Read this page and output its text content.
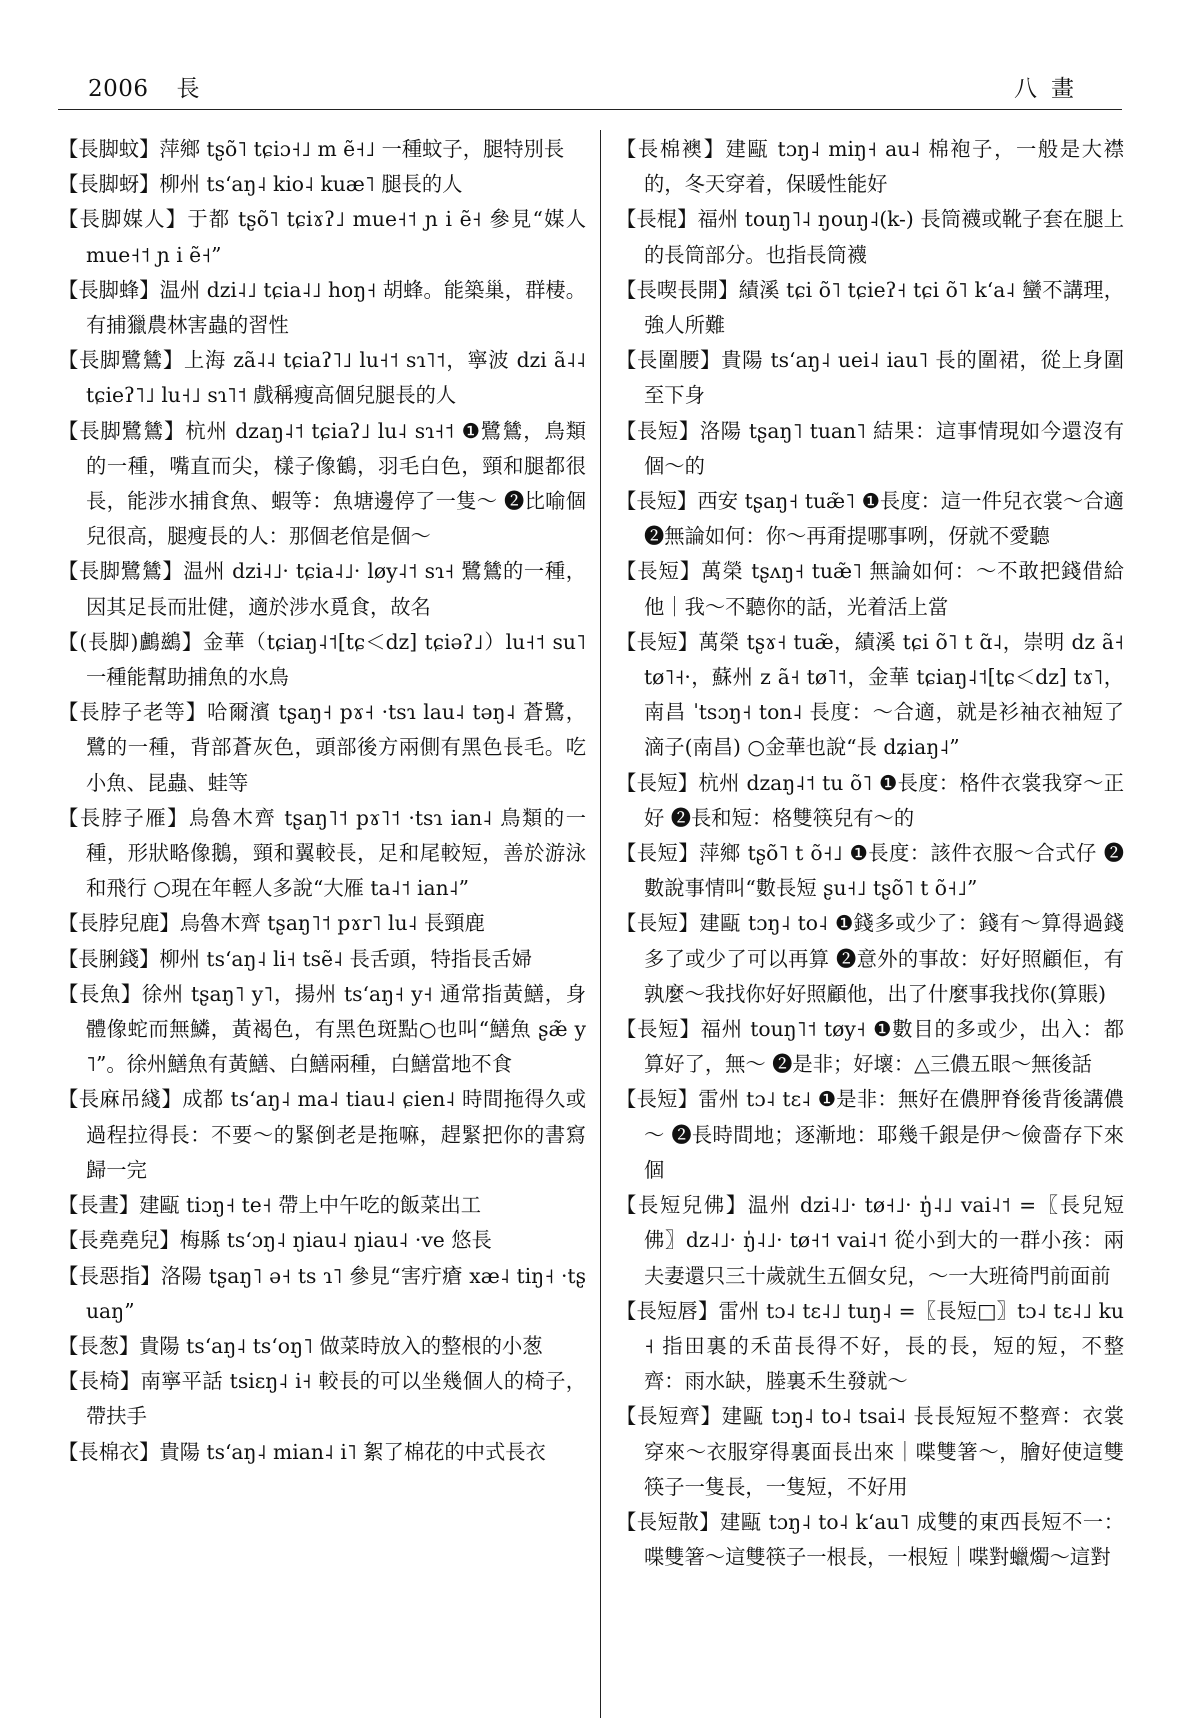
2006 長	八畫

【長脚蚊】萍鄉 tʂõ˥ tɕiɔ˧˩ m ẽ˧˩ 一種蚊子，腿特別長

【長脚蚜】柳州 tsʻaŋ˨ kio˨ kuæ˥ 腿長的人

【長脚媒人】于都 tʂõ˥ tɕiɤʔ˩ mue˧˦ ɲ i ẽ˧ 參見“媒人 mue˧˦ ɲ i ẽ˧”

【長脚蜂】温州 dzi˨˩ tɕia˨˩ hoŋ˧ 胡蜂。能築巢，群棲。有捕獵農林害蟲的習性

【長脚鷺鷥】上海 zã˨˨ tɕiaʔ˥˩ lu˧˦ sɿ˥˦，寧波 dzi ã˨˨ tɕieʔ˥˩ lu˧˩ sɿ˥˦ 戲稱瘦高個兒腿長的人

【長脚鷺鷥】杭州 dzaŋ˨˦ tɕiaʔ˩ lu˨ sɿ˧˦ ❶鷺鷥，鳥類的一種，嘴直而尖，樣子像鶴，羽毛白色，頸和腿都很長，能涉水捕食魚、蝦等：魚塘邊停了一隻～ ❷比喻個兒很高，腿瘦長的人：那個老倌是個～

【長脚鷺鷥】温州 dzi˨˩· tɕia˨˩· løy˨˦ sɿ˧ 鷺鷥的一種，因其足長而壯健，適於涉水覓食，故名

【(長脚)鸕鷀】金華（tɕiaŋ˨˦[tɕ＜dz] tɕiəʔ˩）lu˧˦ su˥ 一種能幫助捕魚的水鳥

【長脖子老等】哈爾濱 tʂaŋ˧ pɤ˧ ·tsɿ lau˨ təŋ˨ 蒼鷺，鷺的一種，背部蒼灰色，頭部後方兩側有黑色長毛。吃小魚、昆蟲、蛙等

【長脖子雁】烏魯木齊 tʂaŋ˥˦ pɤ˥˦ ·tsɿ ian˨ 鳥類的一種，形狀略像鵝，頸和翼較長，足和尾較短，善於游泳和飛行 ○現在年輕人多說“大雁 ta˨˦ ian˨”

【長脖兒鹿】烏魯木齊 tʂaŋ˥˦ pɤr˥ lu˨ 長頸鹿

【長脷錢】柳州 tsʻaŋ˨ li˧ tsẽ˨ 長舌頭，特指長舌婦

【長魚】徐州 tʂaŋ˥ y˥，揚州 tsʻaŋ˧ y˧ 通常指黃鱔，身體像蛇而無鱗，黃褐色，有黑色斑點○也叫“鱔魚 ʂæ̃ y˥”。徐州鱔魚有黃鱔、白鱔兩種，白鱔當地不食

【長麻吊綫】成都 tsʻaŋ˨ ma˨ tiau˨ ɕien˨ 時間拖得久或過程拉得長：不要～的緊倒老是拖嘛，趕緊把你的書寫歸一完

【長晝】建甌 tiɔŋ˧ te˧ 帶上中午吃的飯菜出工

【長堯堯兒】梅縣 tsʻɔŋ˨ ŋiau˨ ŋiau˨ ·ve 悠長

【長惡指】洛陽 tʂaŋ˥ ə˧ ts ɿ˥ 參見“害疔瘡 xæ˨ tiŋ˧ ·tʂuaŋ”

【長葱】貴陽 tsʻaŋ˨ tsʻoŋ˥ 做菜時放入的整根的小葱

【長椅】南寧平話 tsiɛŋ˨ i˧ 較長的可以坐幾個人的椅子，帶扶手

【長棉衣】貴陽 tsʻaŋ˨ mian˨ i˥ 絮了棉花的中式長衣

【長棉襖】建甌 tɔŋ˨ miŋ˧ au˨ 棉袍子，一般是大襟的，冬天穿着，保暖性能好

【長棍】福州 touŋ˥˨ ŋouŋ˨(k-) 長筒襪或靴子套在腿上的長筒部分。也指長筒襪

【長喫長開】績溪 tɕi õ˥ tɕieʔ˧ tɕi õ˥ kʻa˨ 蠻不講理，強人所難

【長圍腰】貴陽 tsʻaŋ˨ uei˨ iau˥ 長的圍裙，從上身圍至下身

【長短】洛陽 tʂaŋ˥ tuan˥ 結果：這事情現如今還沒有個～的

【長短】西安 tʂaŋ˧ tuæ̃˥ ❶長度：這一件兒衣裳～合適 ❷無論如何：你～再甭提哪事咧，伢就不愛聽

【長短】萬榮 tʂʌŋ˧ tuæ̃˥ 無論如何：～不敢把錢借給他｜我～不聽你的話，光着活上當

【長短】萬榮 tʂɤ˧ tuæ̃，績溪 tɕi õ˥ t ɑ̃˨，崇明 dz ã˧ tø˥˧·，蘇州 z ã˧ tø˥˦，金華 tɕiaŋ˨˦[tɕ＜dz] tɤ˥，南昌 ˈtsɔŋ˧ ton˨ 長度：～合適，就是衫袖衣袖短了滴子(南昌) ○金華也說“長 dʑiaŋ˨”

【長短】杭州 dzaŋ˨˦ tu õ˥ ❶長度：格件衣裳我穿～正好 ❷長和短：格雙筷兒有～的

【長短】萍鄉 tʂõ˥ t õ˧˩ ❶長度：該件衣服～合式仔 ❷數說事情叫“數長短 ʂu˧˩ tʂõ˥ t õ˧˩”

【長短】建甌 tɔŋ˨ to˨ ❶錢多或少了：錢有～算得過錢多了或少了可以再算 ❷意外的事故：好好照顧佢，有孰麼～我找你好好照顧他，出了什麼事我找你(算賬)

【長短】福州 touŋ˥˦ tøy˧ ❶數目的多或少，出入：都算好了，無～ ❷是非；好壞：△三儂五眼～無後話

【長短】雷州 tɔ˨ tɛ˨ ❶是非：無好在儂胛脊後背後講儂～ ❷長時間地；逐漸地：耶幾千銀是伊～儉嗇存下來個

【長短兒佛】温州 dzi˨˩· tø˧˩· ŋ̍˨˩ vai˨˦ =〖長兒短佛〗dz˨˩· ŋ̍˨˩· tø˧˦ vai˨˦ 從小到大的一群小孩：兩夫妻還只三十歲就生五個女兒，～一大班徛門前面前

【長短唇】雷州 tɔ˨ tɛ˨˩ tuŋ˨ =〖長短□〗tɔ˨ tɛ˨˩ ku˧ 指田裏的禾苗長得不好，長的長，短的短，不整齊：雨水缺，塍裏禾生發就～

【長短齊】建甌 tɔŋ˨ to˨ tsai˨ 長長短短不整齊：衣裳穿來～衣服穿得裏面長出來｜喋雙箸～，膾好使這雙筷子一隻長，一隻短，不好用

【長短散】建甌 tɔŋ˨ to˨ kʻau˥ 成雙的東西長短不一：喋雙箸～這雙筷子一根長，一根短｜喋對蠟燭～這對
